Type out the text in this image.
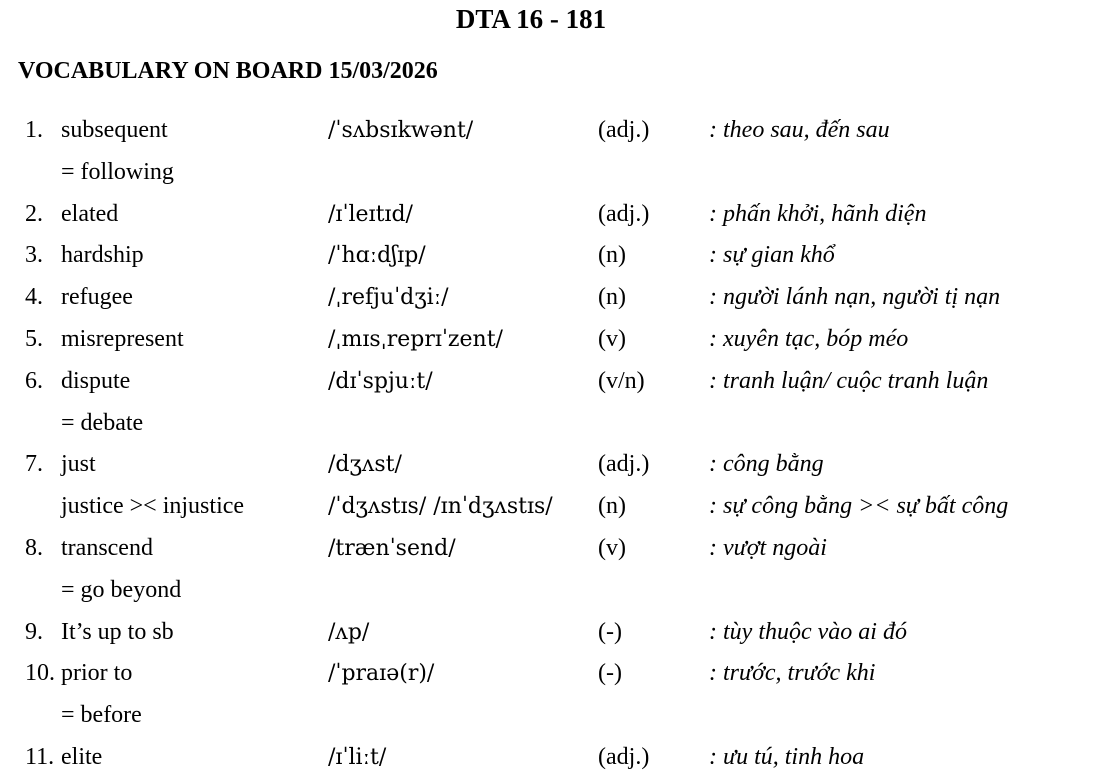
DTA 16 - 181
VOCABULARY ON BOARD 15/03/2026
1. subsequent	/ˈsʌbsɪkwənt/	(adj.) : theo sau, đến sau
= following
2. elated	/ɪˈleɪtɪd/	(adj.) : phấn khởi, hãnh diện
3. hardship	/ˈhɑːdʃɪp/	(n)	: sự gian khổ
4. refugee	/ˌrefjuˈdʒiː/	(n)	: người lánh nạn, người tị nạn
5. misrepresent	/ˌmɪsˌreprɪˈzent/	(v)	: xuyên tạc, bóp méo
6. dispute	/dɪˈspjuːt/	(v/n)	: tranh luận/ cuộc tranh luận
= debate
7. just	/dʒʌst/	(adj.) : công bằng
justice >< injustice	/ˈdʒʌstɪs/ /ɪnˈdʒʌstɪs/ (n)	: sự công bằng >< sự bất công
8. transcend	/trænˈsend/	(v)	: vượt ngoài
= go beyond
9. It’s up to sb	/ʌp/	(-)	: tùy thuộc vào ai đó
10. prior to	/ˈpraɪə(r)/	(-)	: trước, trước khi
= before
11. elite	/ɪˈliːt/	(adj.) : ưu tú, tinh hoa
